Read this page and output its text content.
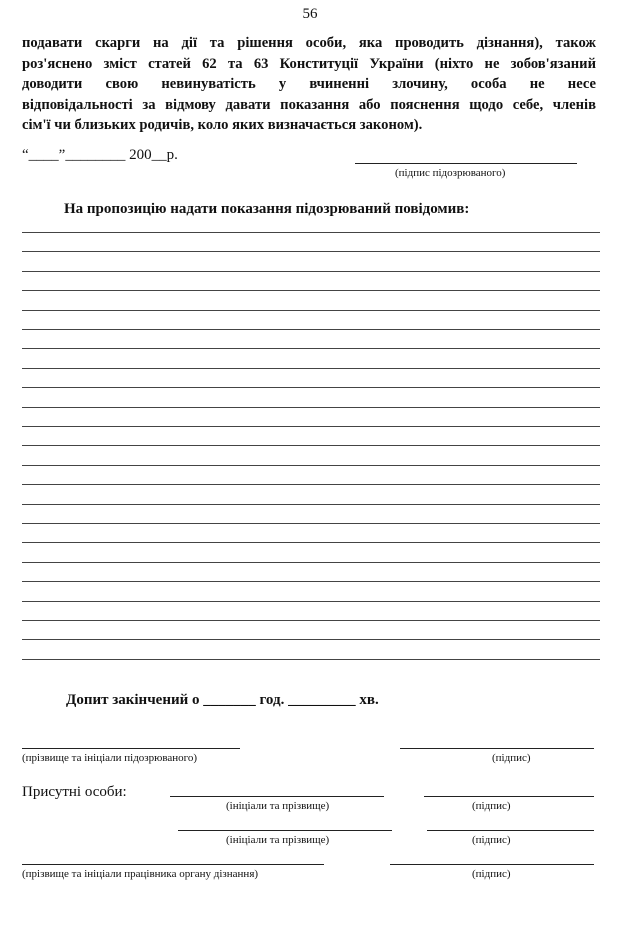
56
подавати скарги на дії та рішення особи, яка проводить дізнання), також
роз'яснено зміст статей 62 та 63 Конституції України (ніхто не зобов'язаний
доводити свою невинуватість у вчиненні злочину, особа не несе
відповідальності за відмову давати показання або пояснення щодо себе, членів
сім'ї чи близьких родичів, коло яких визначається законом).
“____”________ 200__р.
(підпис підозрюваного)
На пропозицію надати показання підозрюваний повідомив:
Допит закінчений о _______ год. _________ хв.
(прізвище та ініціали підозрюваного)	(підпис)
Присутні особи:
(ініціали та прізвище)	(підпис)
(ініціали та прізвище)	(підпис)
(прізвище та ініціали працівника органу дізнання)	(підпис)
